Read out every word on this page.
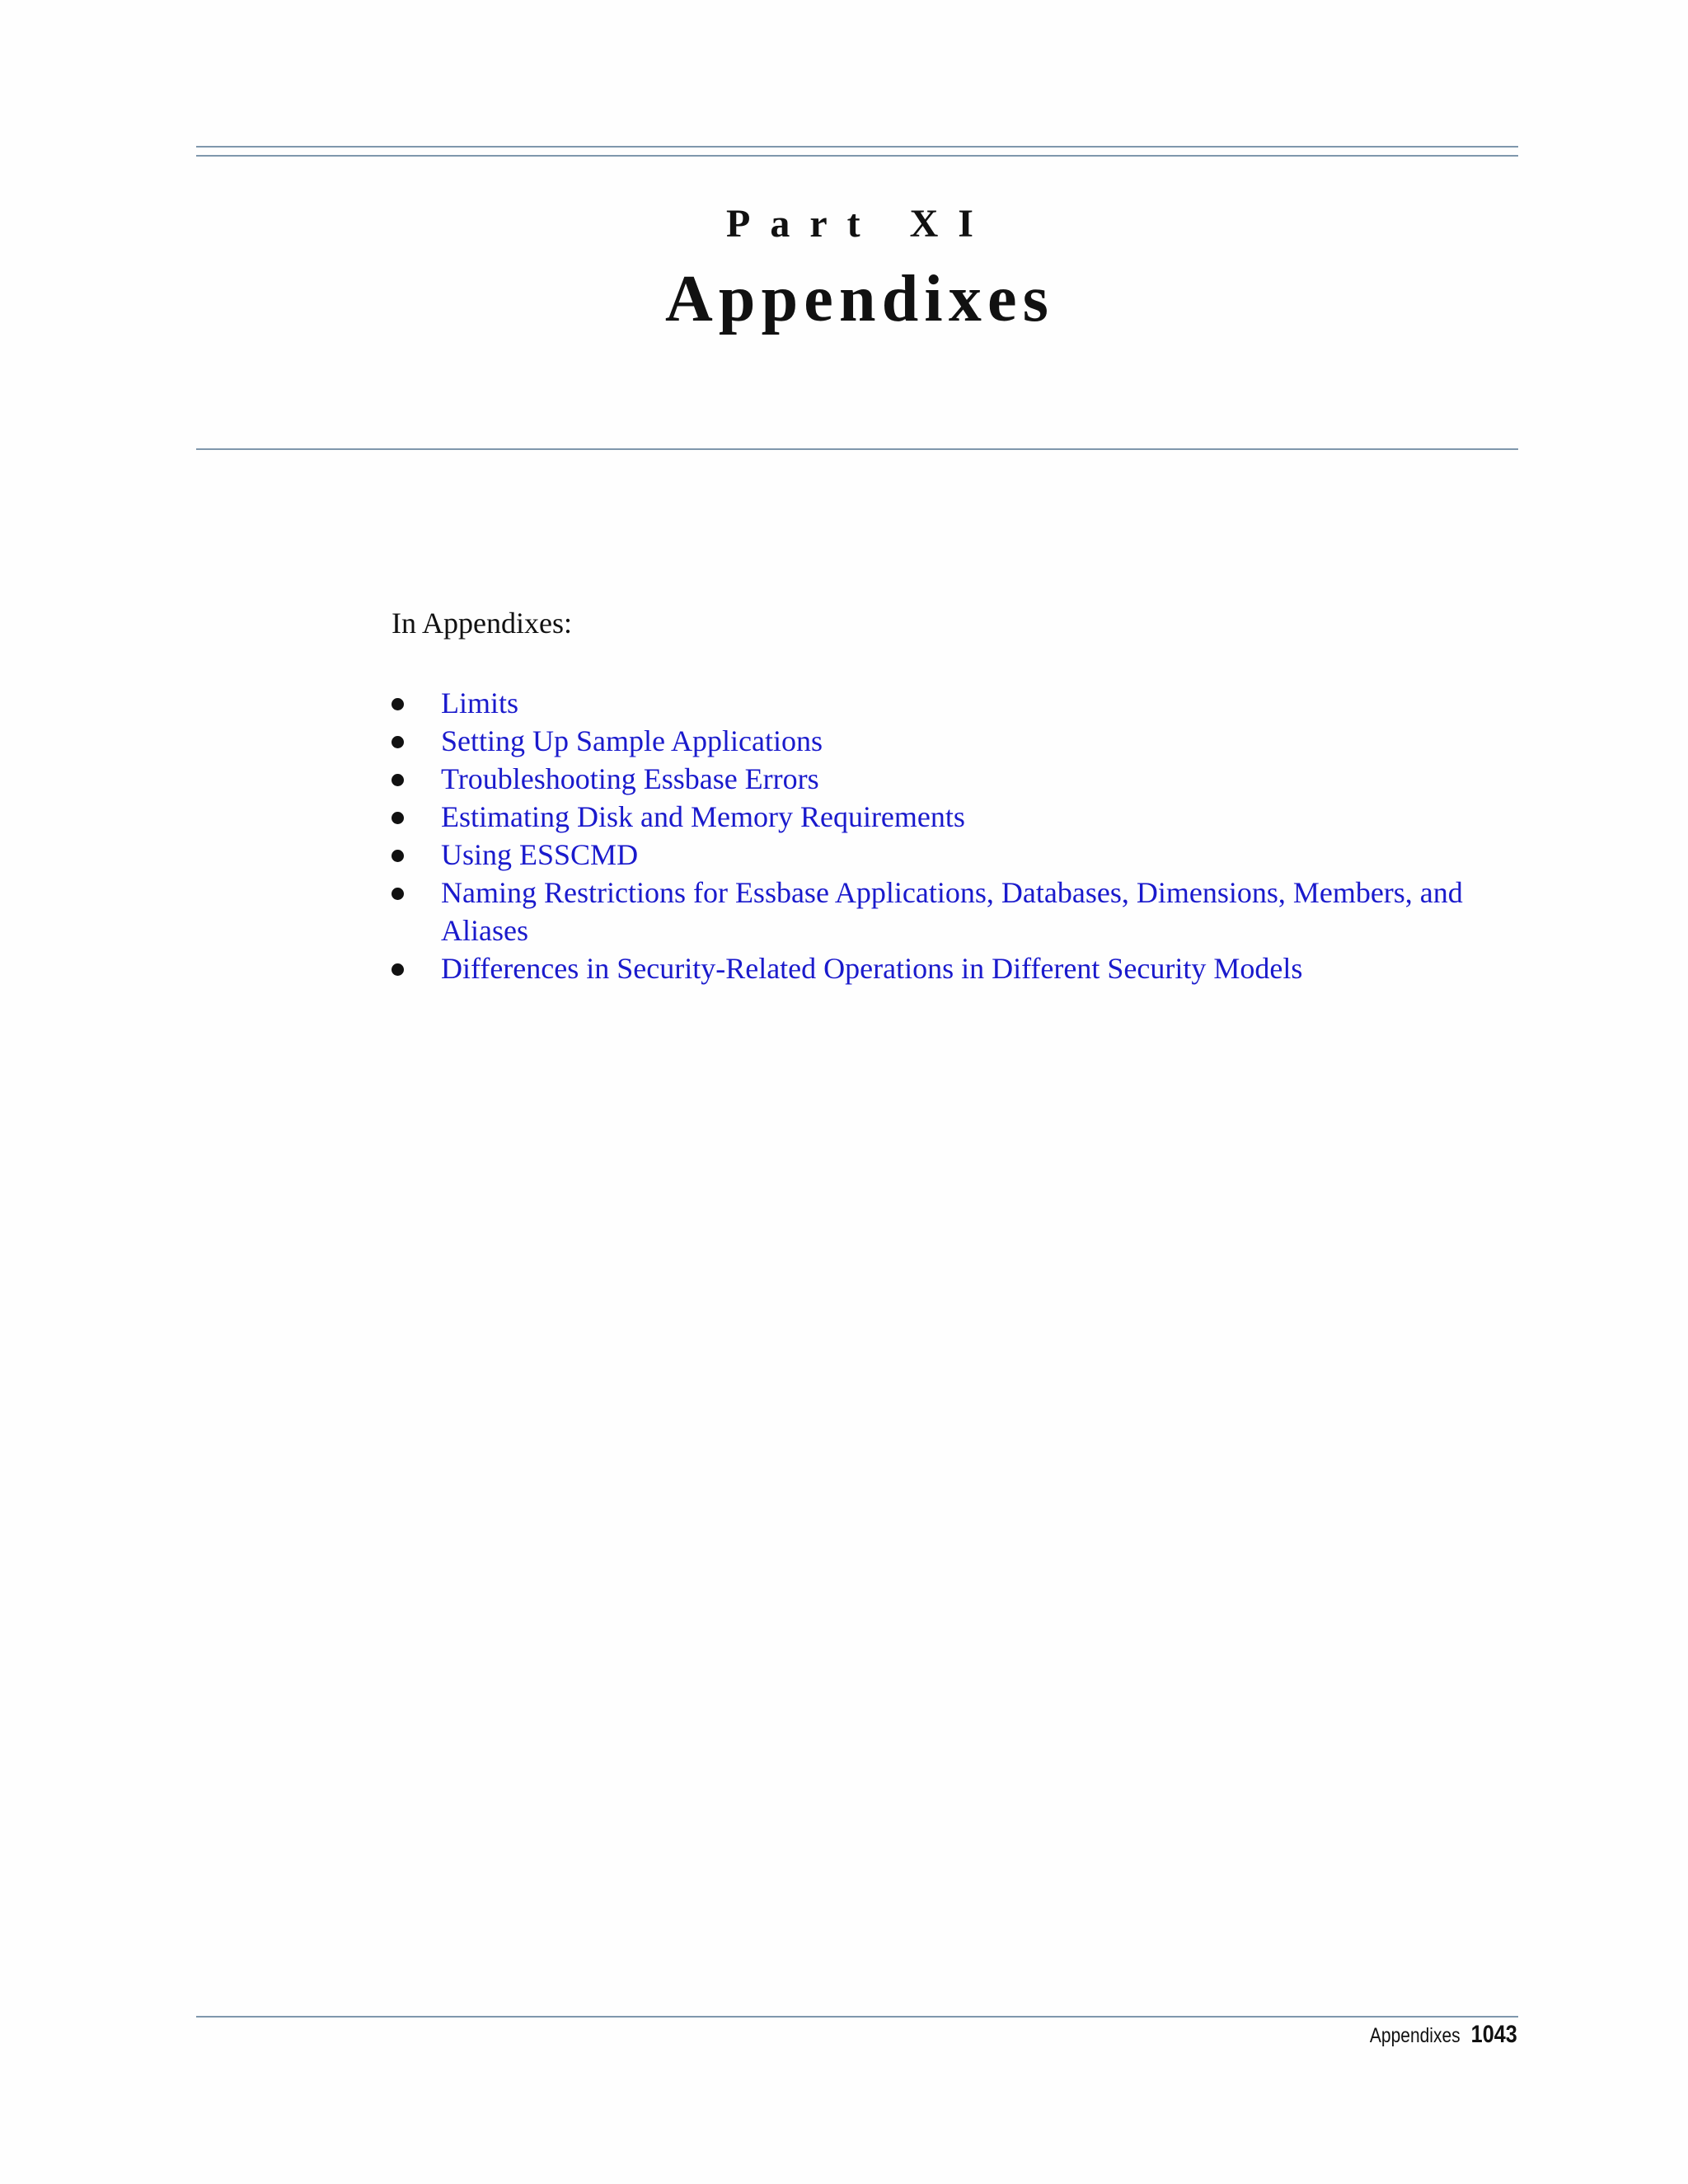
Part XI
Appendixes
In Appendixes:
Limits
Setting Up Sample Applications
Troubleshooting Essbase Errors
Estimating Disk and Memory Requirements
Using ESSCMD
Naming Restrictions for Essbase Applications, Databases, Dimensions, Members, and Aliases
Differences in Security-Related Operations in Different Security Models
Appendixes 1043
